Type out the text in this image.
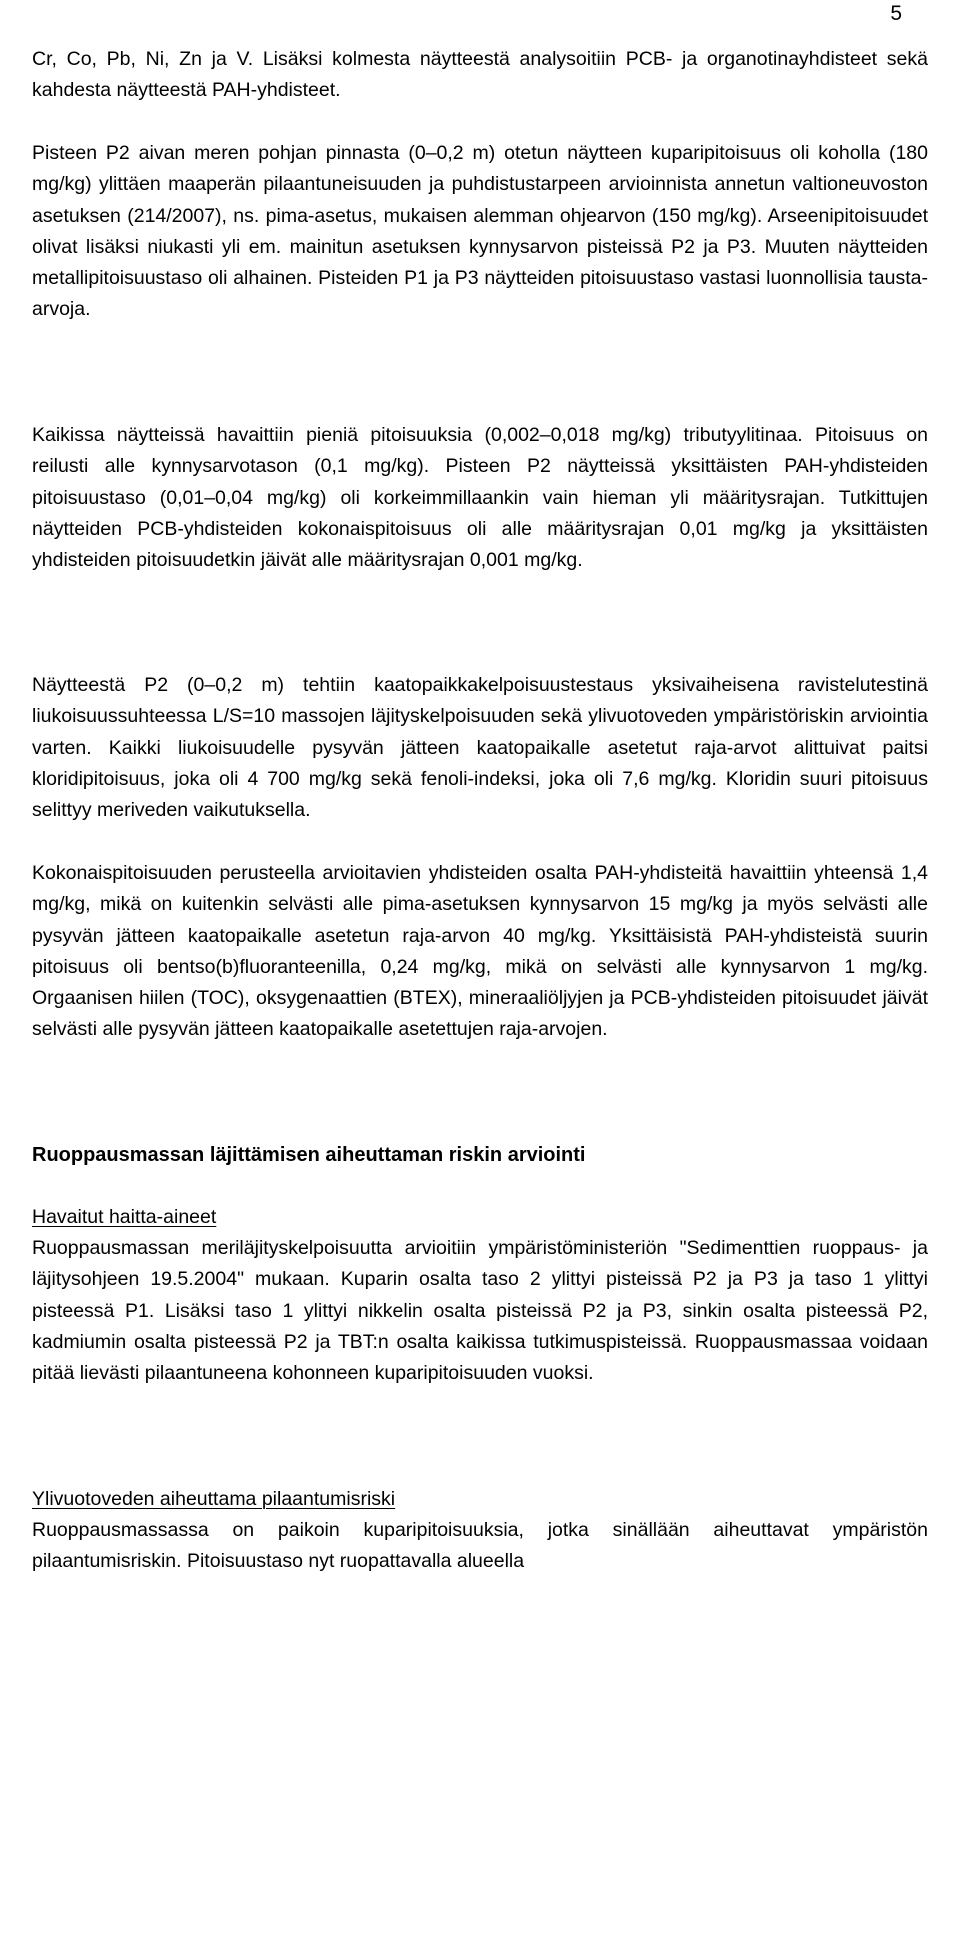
5

Cr, Co, Pb, Ni, Zn ja V. Lisäksi kolmesta näytteestä analysoitiin PCB- ja organotinayhdisteet sekä kahdesta näytteestä PAH-yhdisteet.

Pisteen P2 aivan meren pohjan pinnasta (0–0,2 m) otetun näytteen kuparipitoisuus oli koholla (180 mg/kg) ylittäen maaperän pilaantuneisuuden ja puhdistustarpeen arvioinnista annetun valtioneuvoston asetuksen (214/2007), ns. pima-asetus, mukaisen alemman ohjearvon (150 mg/kg). Arseenipitoisuudet olivat lisäksi niukasti yli em. mainitun asetuksen kynnysarvon pisteissä P2 ja P3. Muuten näytteiden metallipitoisuustaso oli alhainen. Pisteiden P1 ja P3 näytteiden pitoisuustaso vastasi luonnollisia tausta-arvoja.

Kaikissa näytteissä havaittiin pieniä pitoisuuksia (0,002–0,018 mg/kg) tributyylitinaa. Pitoisuus on reilusti alle kynnysarvotason (0,1 mg/kg). Pisteen P2 näytteissä yksittäisten PAH-yhdisteiden pitoisuustaso (0,01–0,04 mg/kg) oli korkeimmillaankin vain hieman yli määritysrajan. Tutkittujen näytteiden PCB-yhdisteiden kokonaispitoisuus oli alle määritysrajan 0,01 mg/kg ja yksittäisten yhdisteiden pitoisuudetkin jäivät alle määritysrajan 0,001 mg/kg.

Näytteestä P2 (0–0,2 m) tehtiin kaatopaikkakelpoisuustestaus yksivaiheisena ravistelutestinä liukoisuussuhteessa L/S=10 massojen läjityskelpoisuuden sekä ylivuotoveden ympäristöriskin arviointia varten. Kaikki liukoisuudelle pysyvän jätteen kaatopaikalle asetetut raja-arvot alittuivat paitsi kloridipitoisuus, joka oli 4 700 mg/kg sekä fenoli-indeksi, joka oli 7,6 mg/kg. Kloridin suuri pitoisuus selittyy meriveden vaikutuksella.

Kokonaispitoisuuden perusteella arvioitavien yhdisteiden osalta PAH-yhdisteitä havaittiin yhteensä 1,4 mg/kg, mikä on kuitenkin selvästi alle pima-asetuksen kynnysarvon 15 mg/kg ja myös selvästi alle pysyvän jätteen kaatopaikalle asetetun raja-arvon 40 mg/kg. Yksittäisistä PAH-yhdisteistä suurin pitoisuus oli bentso(b)fluoranteenilla, 0,24 mg/kg, mikä on selvästi alle kynnysarvon 1 mg/kg. Orgaanisen hiilen (TOC), oksygenaattien (BTEX), mineraaliöljyjen ja PCB-yhdisteiden pitoisuudet jäivät selvästi alle pysyvän jätteen kaatopaikalle asetettujen raja-arvojen.

Ruoppausmassan läjittämisen aiheuttaman riskin arviointi

Havaitut haitta-aineet

Ruoppausmassan meriläjityskelpoisuutta arvioitiin ympäristöministeriön "Sedimenttien ruoppaus- ja läjitysohjeen 19.5.2004" mukaan. Kuparin osalta taso 2 ylittyi pisteissä P2 ja P3 ja taso 1 ylittyi pisteessä P1. Lisäksi taso 1 ylittyi nikkelin osalta pisteissä P2 ja P3, sinkin osalta pisteessä P2, kadmiumin osalta pisteessä P2 ja TBT:n osalta kaikissa tutkimuspisteissä. Ruoppausmassaa voidaan pitää lievästi pilaantuneena kohonneen kuparipitoisuuden vuoksi.

Ylivuotoveden aiheuttama pilaantumisriski

Ruoppausmassassa on paikoin kuparipitoisuuksia, jotka sinällään aiheuttavat ympäristön pilaantumisriskin. Pitoisuustaso nyt ruopattavalla alueella
